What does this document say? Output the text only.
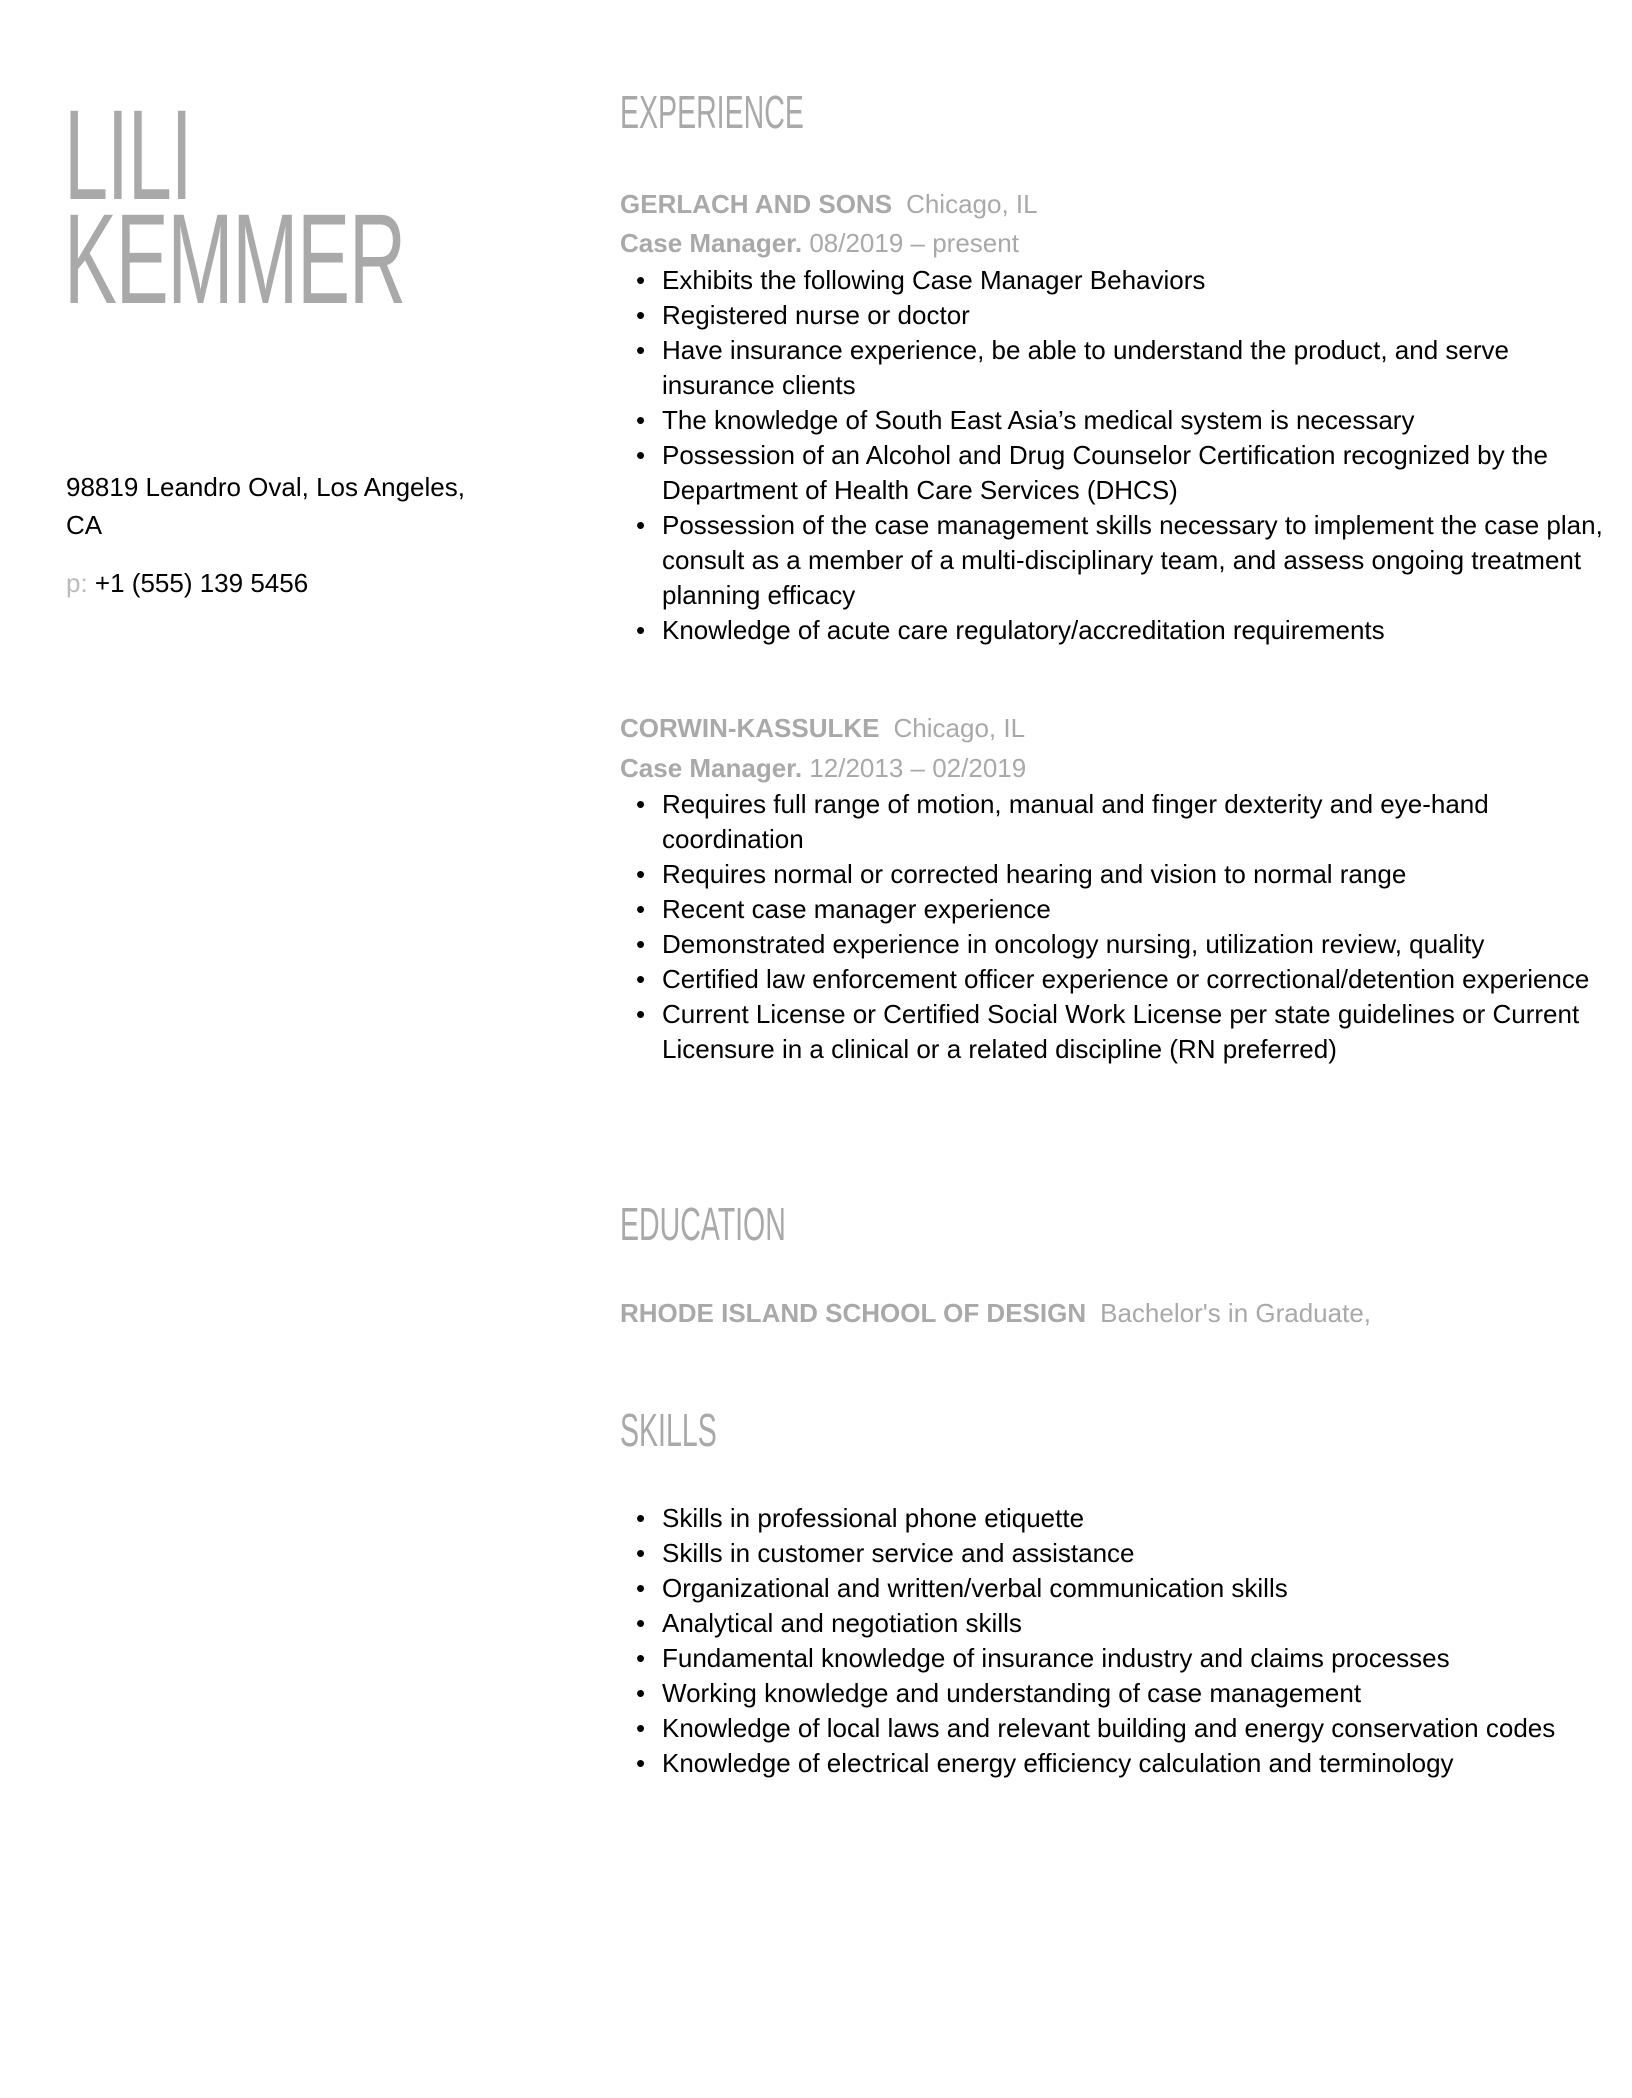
LILI
KEMMER
98819 Leandro Oval, Los Angeles,
CA
p: +1 (555) 139 5456
EXPERIENCE
GERLACH AND SONS Chicago, IL
Case Manager. 08/2019 – present
• Exhibits the following Case Manager Behaviors
• Registered nurse or doctor
• Have insurance experience, be able to understand the product, and serve insurance clients
• The knowledge of South East Asia’s medical system is necessary
• Possession of an Alcohol and Drug Counselor Certification recognized by the Department of Health Care Services (DHCS)
• Possession of the case management skills necessary to implement the case plan, consult as a member of a multi-disciplinary team, and assess ongoing treatment planning efficacy
• Knowledge of acute care regulatory/accreditation requirements
CORWIN-KASSULKE Chicago, IL
Case Manager. 12/2013 – 02/2019
• Requires full range of motion, manual and finger dexterity and eye-hand coordination
• Requires normal or corrected hearing and vision to normal range
• Recent case manager experience
• Demonstrated experience in oncology nursing, utilization review, quality
• Certified law enforcement officer experience or correctional/detention experience
• Current License or Certified Social Work License per state guidelines or Current Licensure in a clinical or a related discipline (RN preferred)
EDUCATION
RHODE ISLAND SCHOOL OF DESIGN Bachelor's in Graduate,
SKILLS
• Skills in professional phone etiquette
• Skills in customer service and assistance
• Organizational and written/verbal communication skills
• Analytical and negotiation skills
• Fundamental knowledge of insurance industry and claims processes
• Working knowledge and understanding of case management
• Knowledge of local laws and relevant building and energy conservation codes
• Knowledge of electrical energy efficiency calculation and terminology
